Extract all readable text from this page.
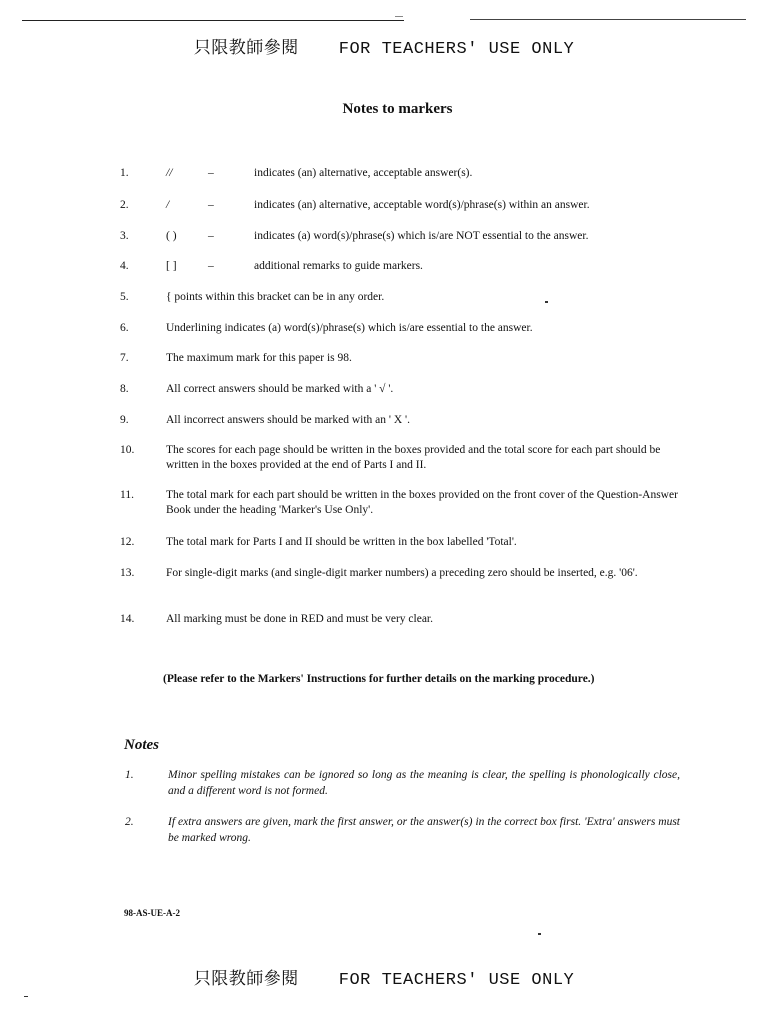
只限教師參閱 FOR TEACHERS' USE ONLY
Notes to markers
1.	//	–	indicates (an) alternative, acceptable answer(s).
2.	/	–	indicates (an) alternative, acceptable word(s)/phrase(s) within an answer.
3.	( )	–	indicates (a) word(s)/phrase(s) which is/are NOT essential to the answer.
4.	[ ]	–	additional remarks to guide markers.
5.	{ points within this bracket can be in any order.
6.	Underlining indicates (a) word(s)/phrase(s) which is/are essential to the answer.
7.	The maximum mark for this paper is 98.
8.	All correct answers should be marked with a ' √ '.
9.	All incorrect answers should be marked with an ' X '.
10.	The scores for each page should be written in the boxes provided and the total score for each part should be written in the boxes provided at the end of Parts I and II.
11.	The total mark for each part should be written in the boxes provided on the front cover of the Question-Answer Book under the heading 'Marker's Use Only'.
12.	The total mark for Parts I and II should be written in the box labelled 'Total'.
13.	For single-digit marks (and single-digit marker numbers) a preceding zero should be inserted, e.g. '06'.
14.	All marking must be done in RED and must be very clear.
(Please refer to the Markers' Instructions for further details on the marking procedure.)
Notes
1.	Minor spelling mistakes can be ignored so long as the meaning is clear, the spelling is phonologically close, and a different word is not formed.
2.	If extra answers are given, mark the first answer, or the answer(s) in the correct box first. 'Extra' answers must be marked wrong.
98-AS-UE-A-2
只限教師參閱 FOR TEACHERS' USE ONLY
